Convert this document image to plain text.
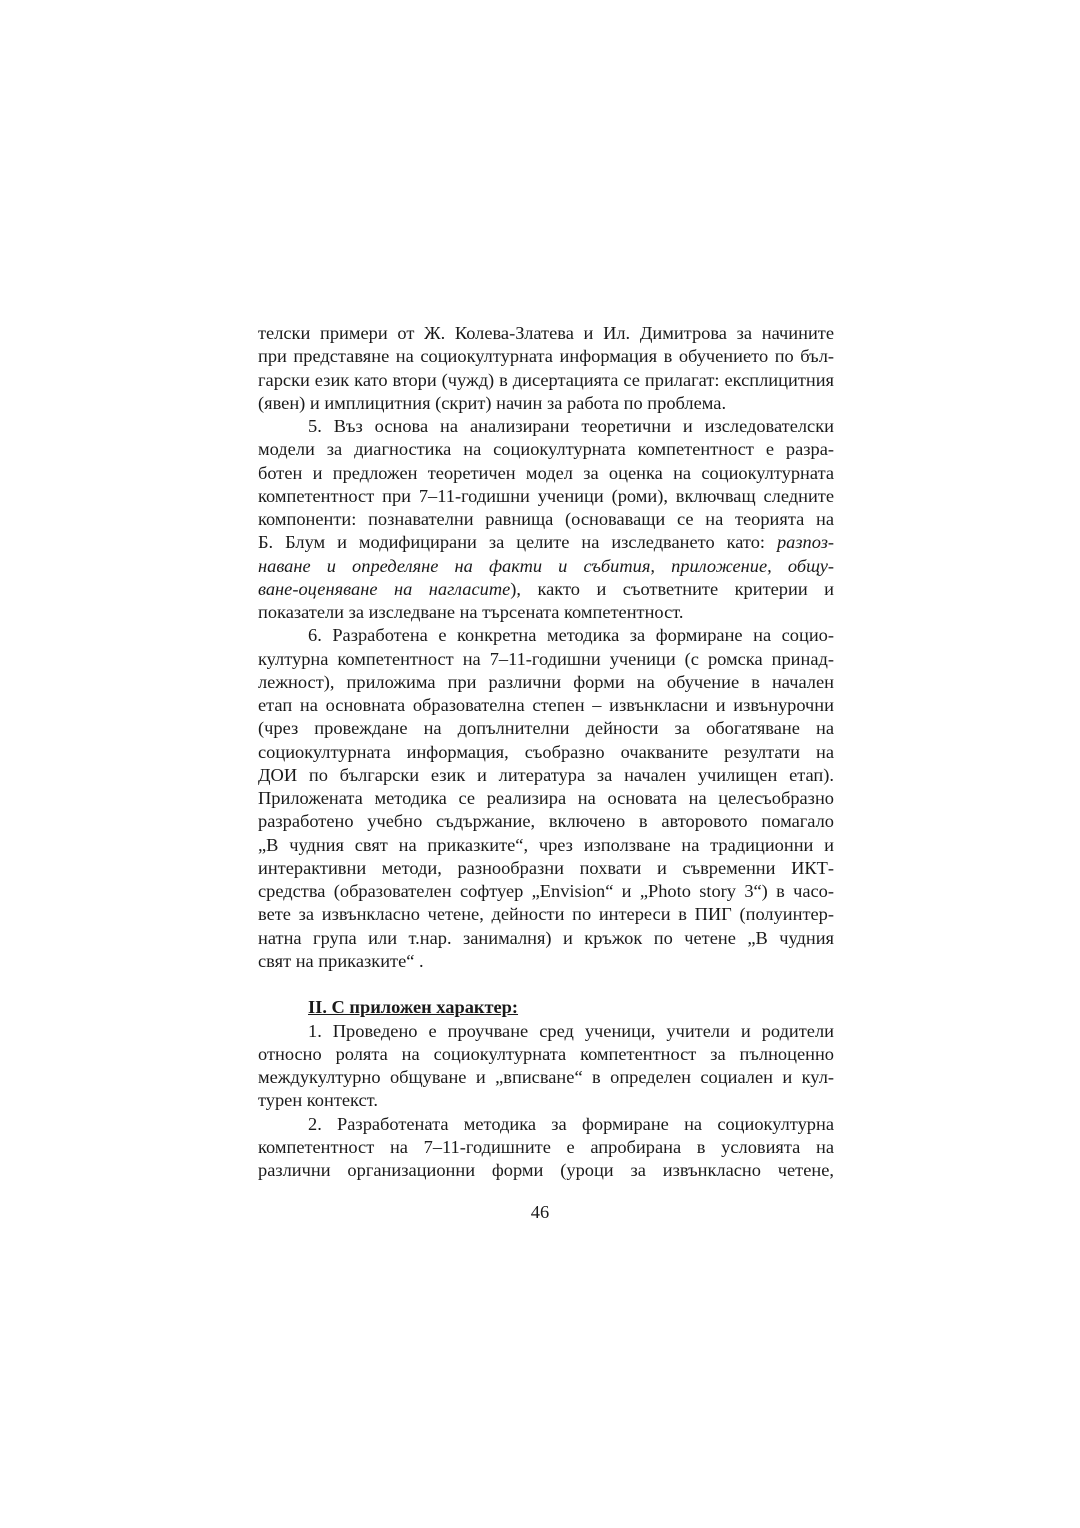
телски примери от Ж. Колева-Златева и Ил. Димитрова за начините
при представяне на социокултурната информация в обучението по бъл-
гарски език като втори (чужд) в дисертацията се прилагат: експлицитния
(явен) и имплицитния (скрит) начин за работа по проблема.
5. Въз основа на анализирани теоретични и изследователски
модели за диагностика на социокултурната компетентност е разра-
ботен и предложен теоретичен модел за оценка на социокултурната
компетентност при 7–11-годишни ученици (роми), включващ следните
компоненти: познавателни равнища (основаващи се на теорията на
Б. Блум и модифицирани за целите на изследването като: разпоз-
наване и определяне на факти и събития, приложение, общу-
ване-оценяване на нагласите), както и съответните критерии и
показатели за изследване на търсената компетентност.
6. Разработена е конкретна методика за формиране на социо-
културна компетентност на 7–11-годишни ученици (с ромска принад-
лежност), приложима при различни форми на обучение в начален
етап на основната образователна степен – извънкласни и извънурочни
(чрез провеждане на допълнителни дейности за обогатяване на
социокултурната информация, съобразно очакваните резултати на
ДОИ по български език и литература за начален училищен етап).
Приложената методика се реализира на основата на целесъобразно
разработено учебно съдържание, включено в авторовото помагало
„В чудния свят на приказките“, чрез използване на традиционни и
интерактивни методи, разнообразни похвати и съвременни ИКТ-
средства (образователен софтуер „Envision“ и „Photo story 3“) в часо-
вете за извънкласно четене, дейности по интереси в ПИГ (полуинтер-
натна група или т.нар. занималня) и кръжок по четене „В чудния
свят на приказките“ .
II. С приложен характер:
1. Проведено е проучване сред ученици, учители и родители
относно ролята на социокултурната компетентност за пълноценно
междукултурно общуване и „вписване“ в определен социален и кул-
турен контекст.
2. Разработената методика за формиране на социокултурна
компетентност на 7–11-годишните е апробирана в условията на
различни организационни форми (уроци за извънкласно четене,
46
